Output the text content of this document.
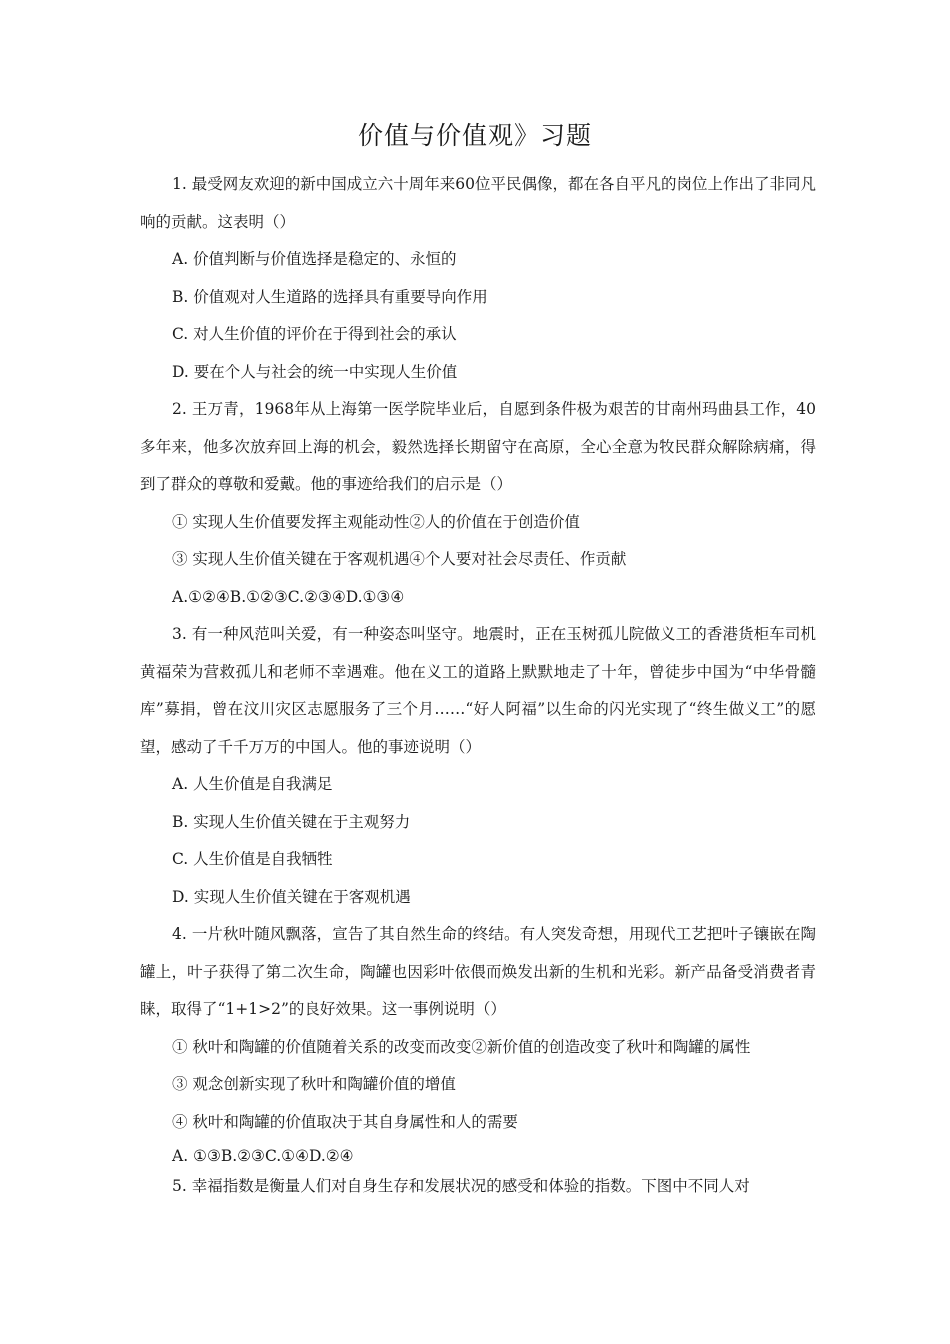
价值与价值观》习题

1. 最受网友欢迎的新中国成立六十周年来60位平民偶像，都在各自平凡的岗位上作出了非同凡响的贡献。这表明（）

A. 价值判断与价值选择是稳定的、永恒的

B. 价值观对人生道路的选择具有重要导向作用

C. 对人生价值的评价在于得到社会的承认

D. 要在个人与社会的统一中实现人生价值

2. 王万青，1968年从上海第一医学院毕业后，自愿到条件极为艰苦的甘南州玛曲县工作，40多年来，他多次放弃回上海的机会，毅然选择长期留守在高原，全心全意为牧民群众解除病痛，得到了群众的尊敬和爱戴。他的事迹给我们的启示是（）

① 实现人生价值要发挥主观能动性②人的价值在于创造价值

③ 实现人生价值关键在于客观机遇④个人要对社会尽责任、作贡献

A.①②④B.①②③C.②③④D.①③④

3. 有一种风范叫关爱，有一种姿态叫坚守。地震时，正在玉树孤儿院做义工的香港货柜车司机黄福荣为营救孤儿和老师不幸遇难。他在义工的道路上默默地走了十年，曾徒步中国为“中华骨髓库”募捐，曾在汶川灾区志愿服务了三个月……“好人阿福”以生命的闪光实现了“终生做义工”的愿望，感动了千千万万的中国人。他的事迹说明（）

A. 人生价值是自我满足

B. 实现人生价值关键在于主观努力

C. 人生价值是自我牺牲

D. 实现人生价值关键在于客观机遇

4. 一片秋叶随风飘落，宣告了其自然生命的终结。有人突发奇想，用现代工艺把叶子镶嵌在陶罐上，叶子获得了第二次生命，陶罐也因彩叶依偎而焕发出新的生机和光彩。新产品备受消费者青睐，取得了“1+1>2”的良好效果。这一事例说明（）

① 秋叶和陶罐的价值随着关系的改变而改变②新价值的创造改变了秋叶和陶罐的属性

③ 观念创新实现了秋叶和陶罐价值的增值

④ 秋叶和陶罐的价值取决于其自身属性和人的需要

A. ①③B.②③C.①④D.②④

5. 幸福指数是衡量人们对自身生存和发展状况的感受和体验的指数。下图中不同人对
